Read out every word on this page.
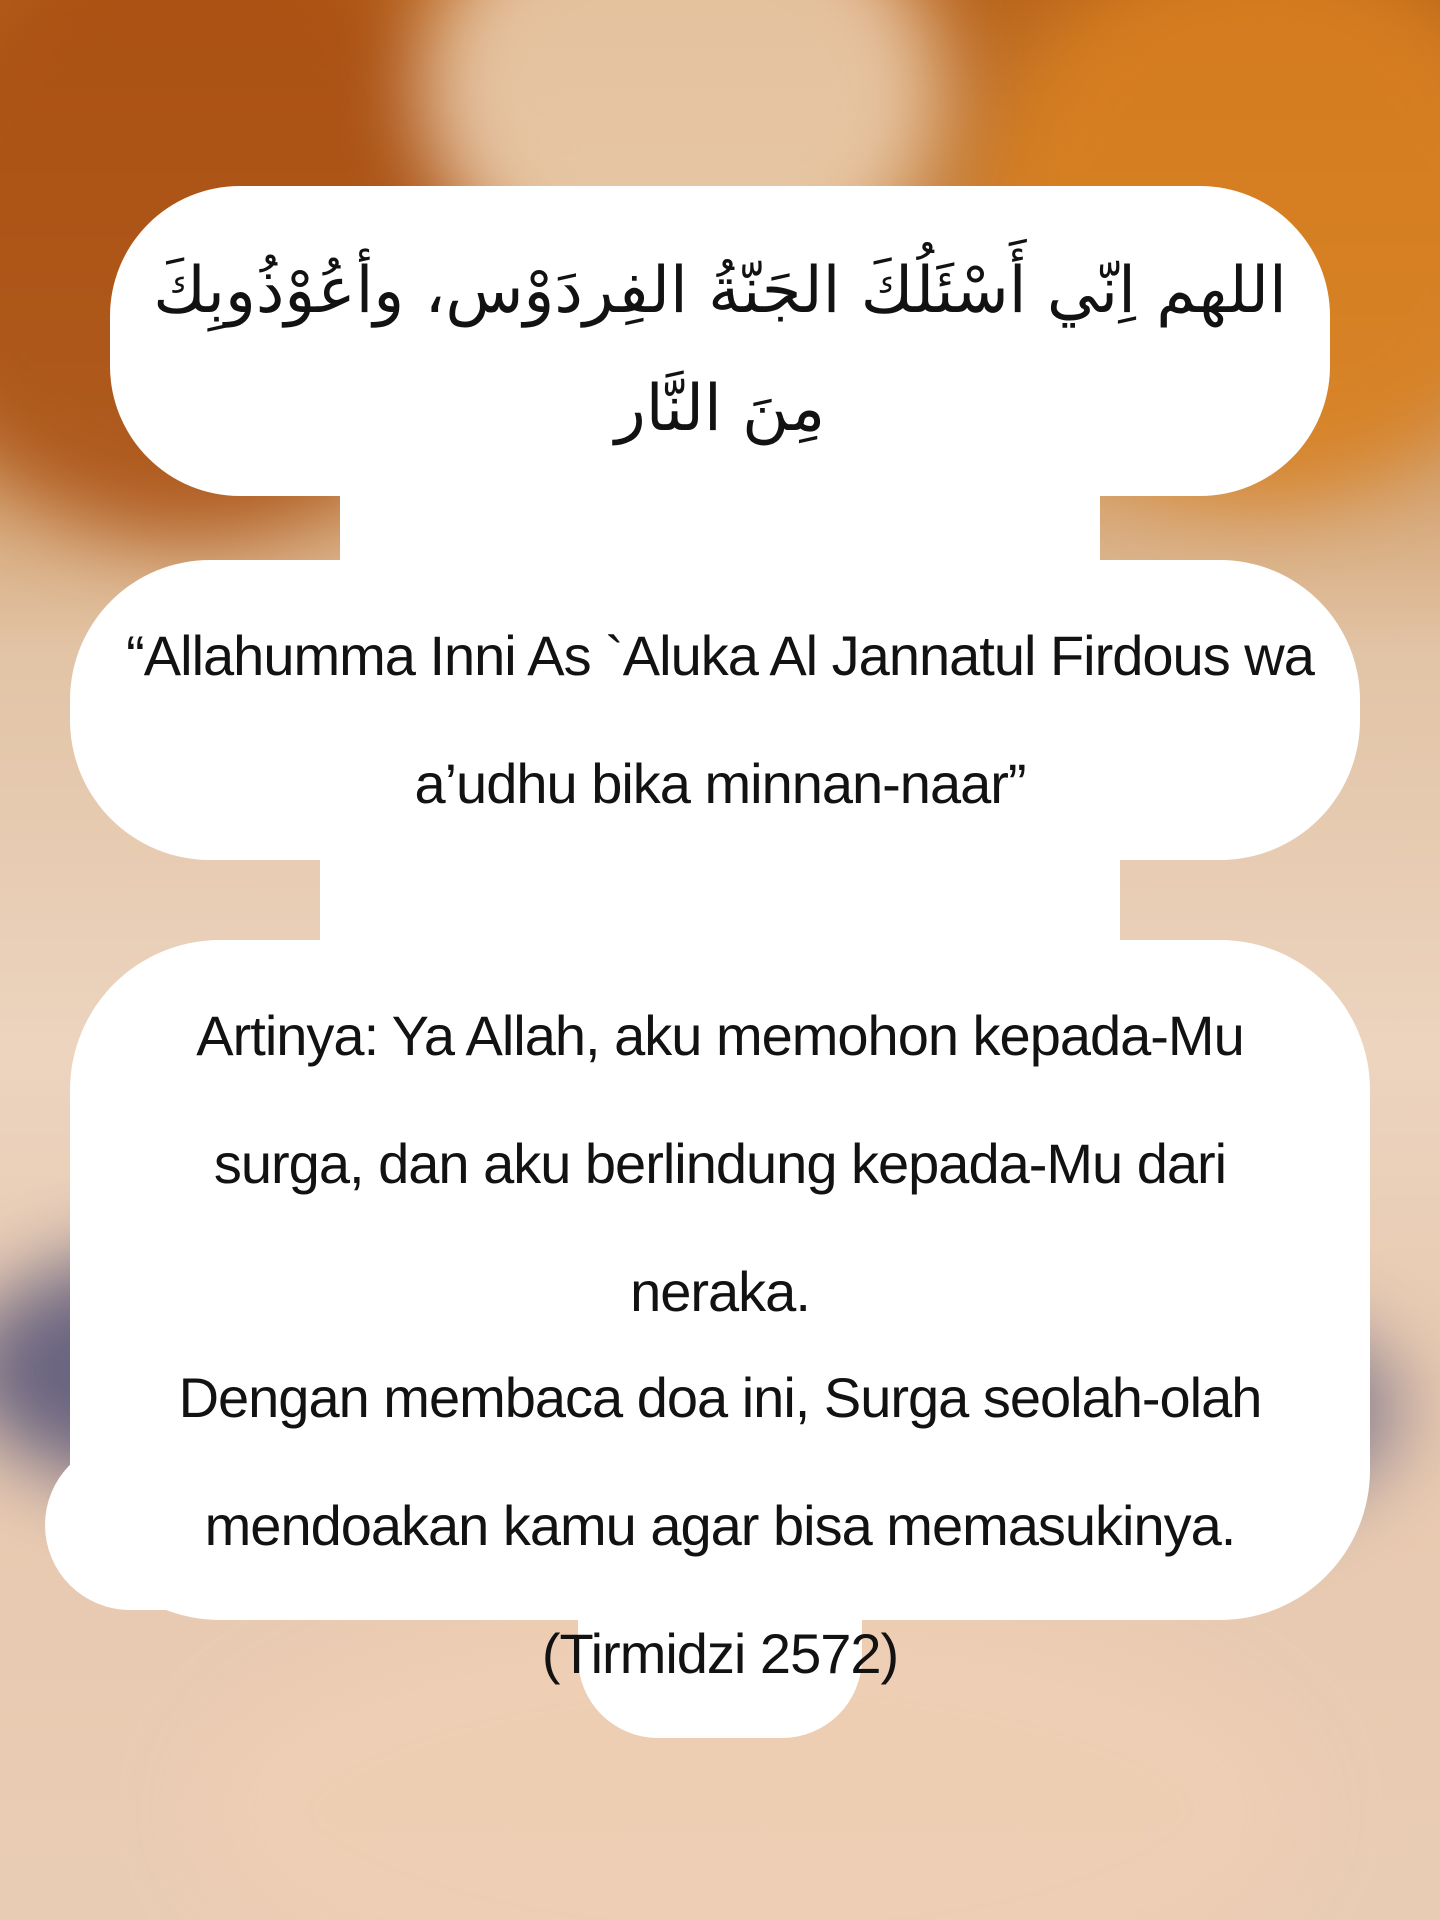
اللهم اِنّي أَسْئَلُكَ الجَنّةُ الفِردَوْس، وأعُوْذُوبِكَ مِنَ النَّار
“Allahumma Inni As `Aluka Al Jannatul Firdous wa a’udhu bika minnan-naar”
Artinya: Ya Allah, aku memohon kepada-Mu surga, dan aku berlindung kepada-Mu dari neraka.
Dengan membaca doa ini, Surga seolah-olah mendoakan kamu agar bisa memasukinya. (Tirmidzi 2572)
